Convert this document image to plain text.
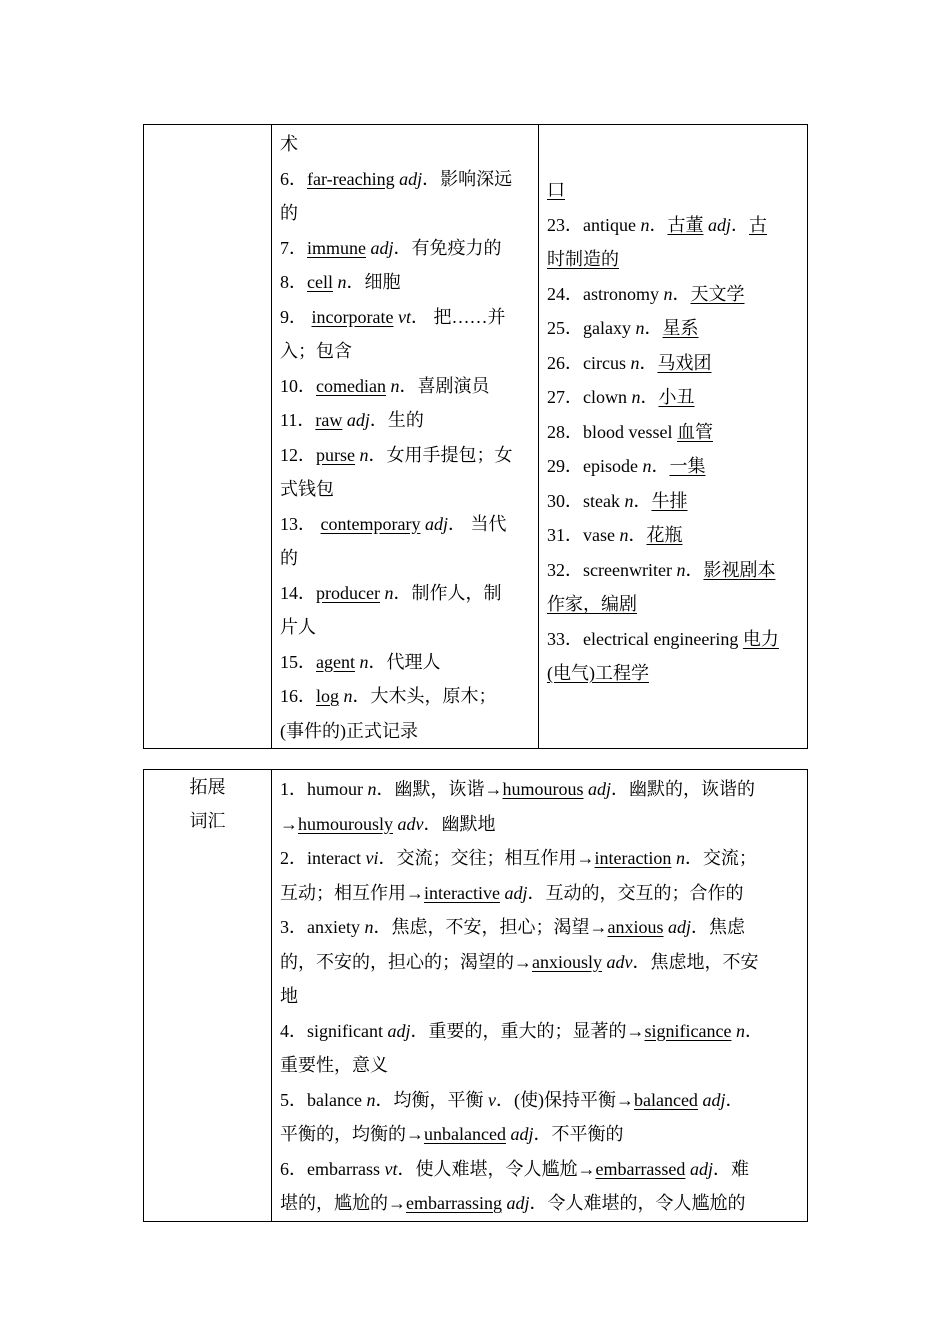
术
6．far-reaching adj．影响深远
的
7．immune adj．有免疫力的
8．cell n．细胞
9． incorporate vt． 把……并
入；包含
10．comedian n．喜剧演员
11．raw adj．生的
12．purse n．女用手提包；女
式钱包
13． contemporary adj． 当代
的
14．producer n．制作人，制
片人
15．agent n．代理人
16．log n．大木头，原木；
(事件的)正式记录

口
23．antique n．古董 adj．古
时制造的
24．astronomy n．天文学
25．galaxy n．星系
26．circus n．马戏团
27．clown n．小丑
28．blood vessel 血管
29．episode n．一集
30．steak n．牛排
31．vase n．花瓶
32．screenwriter n．影视剧本
作家，编剧
33．electrical engineering 电力
(电气)工程学
拓展
词汇

1．humour n．幽默，诙谐→humourous adj．幽默的，诙谐的
→humourously adv．幽默地
2．interact vi．交流；交往；相互作用→interaction n．交流；
互动；相互作用→interactive adj．互动的，交互的；合作的
3．anxiety n．焦虑，不安，担心；渴望→anxious adj．焦虑
的，不安的，担心的；渴望的→anxiously adv．焦虑地，不安
地
4．significant adj．重要的，重大的；显著的→significance n．
重要性，意义
5．balance n．均衡，平衡 v．(使)保持平衡→balanced adj．
平衡的，均衡的→unbalanced adj．不平衡的
6．embarrass vt．使人难堪，令人尴尬→embarrassed adj．难
堪的，尴尬的→embarrassing adj．令人难堪的，令人尴尬的
